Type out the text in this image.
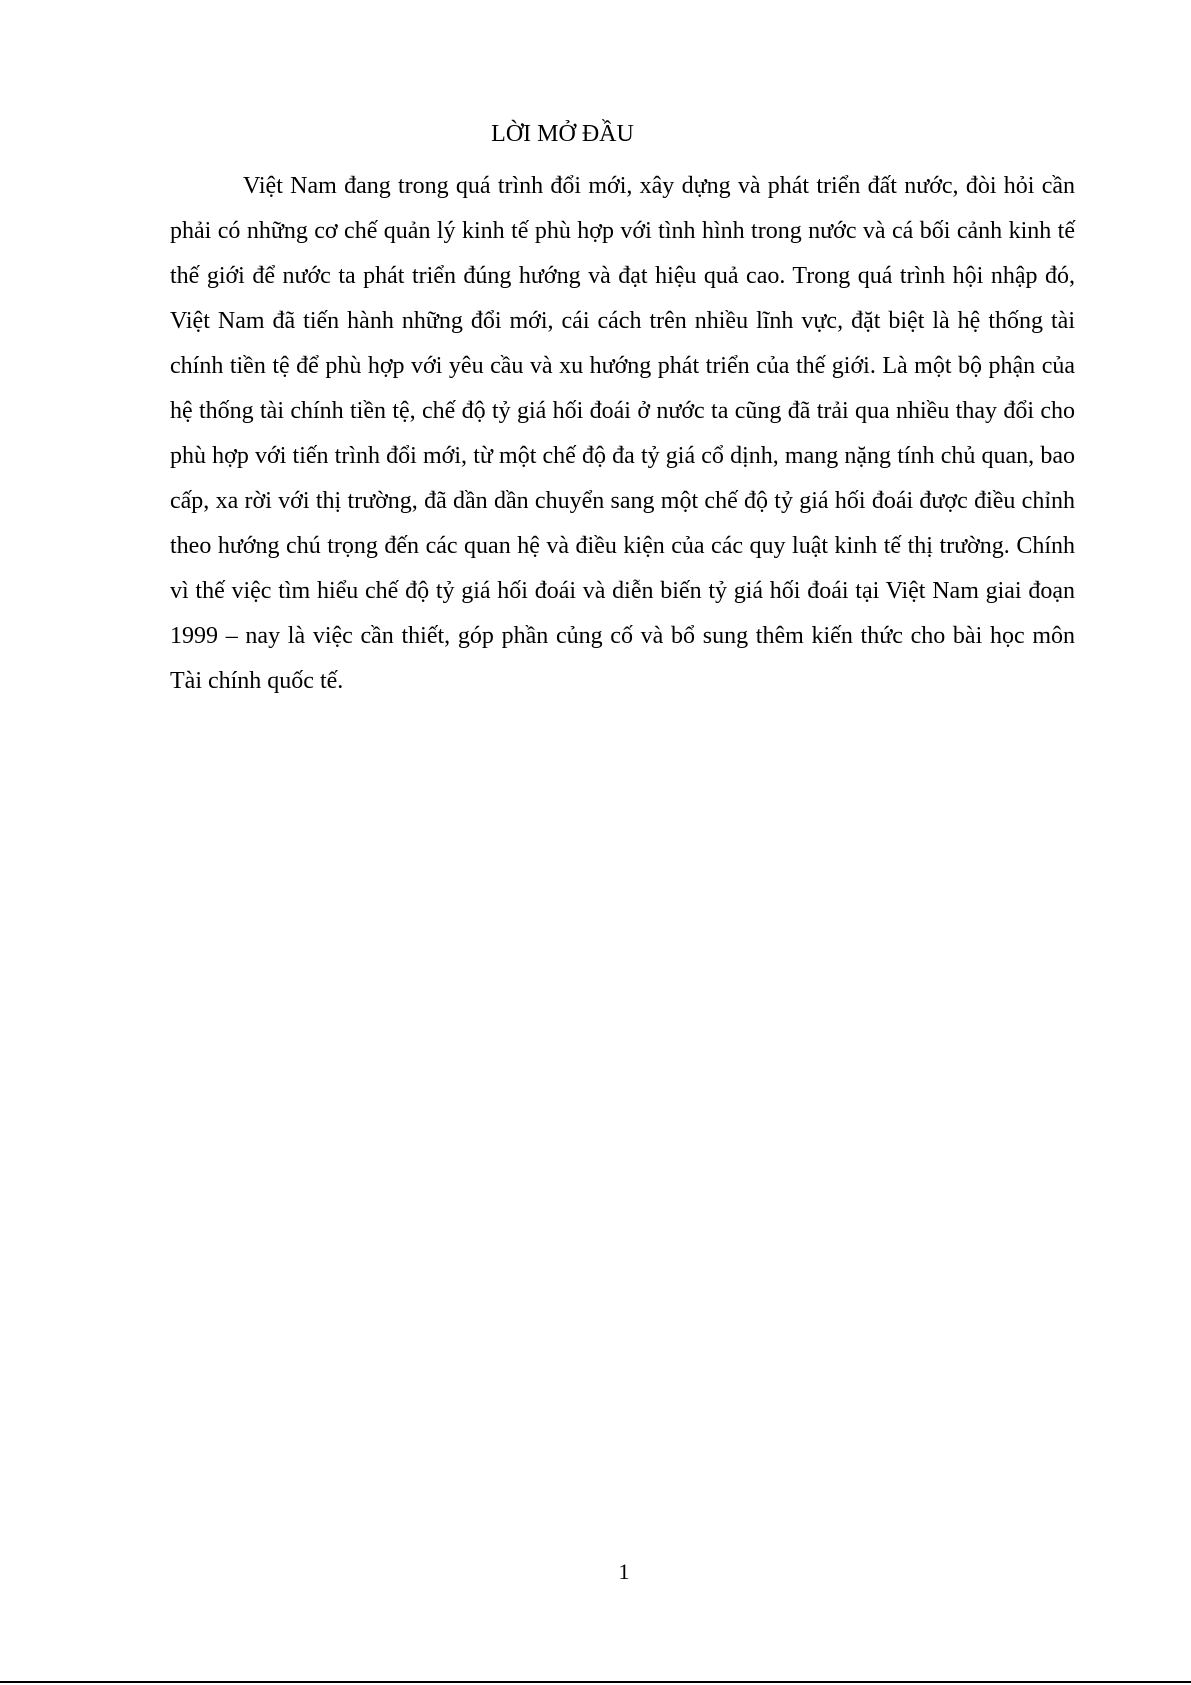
LỜI MỞ ĐẦU

Việt Nam đang trong quá trình đổi mới, xây dựng và phát triển đất nước, đòi hỏi cần phải có những cơ chế quản lý kinh tế phù hợp với tình hình trong nước và cá bối cảnh kinh tế thế giới để nước ta phát triển đúng hướng và đạt hiệu quả cao. Trong quá trình hội nhập đó, Việt Nam đã tiến hành những đổi mới, cái cách trên nhiều lĩnh vực, đặt biệt là hệ thống tài chính tiền tệ để phù hợp với yêu cầu và xu hướng phát triển của thế giới. Là một bộ phận của hệ thống tài chính tiền tệ, chế độ tỷ giá hối đoái ở nước ta cũng đã trải qua nhiều thay đổi cho phù hợp với tiến trình đổi mới, từ một chế độ đa tỷ giá cổ dịnh, mang nặng tính chủ quan, bao cấp, xa rời với thị trường, đã dần dần chuyển sang một chế độ tỷ giá hối đoái được điều chỉnh theo hướng chú trọng đến các quan hệ và điều kiện của các quy luật kinh tế thị trường. Chính vì thế việc tìm hiểu chế độ tỷ giá hối đoái và diễn biến tỷ giá hối đoái tại Việt Nam giai đoạn 1999 – nay là việc cần thiết, góp phần củng cố và bổ sung thêm kiến thức cho bài học môn Tài chính quốc tế.

1
